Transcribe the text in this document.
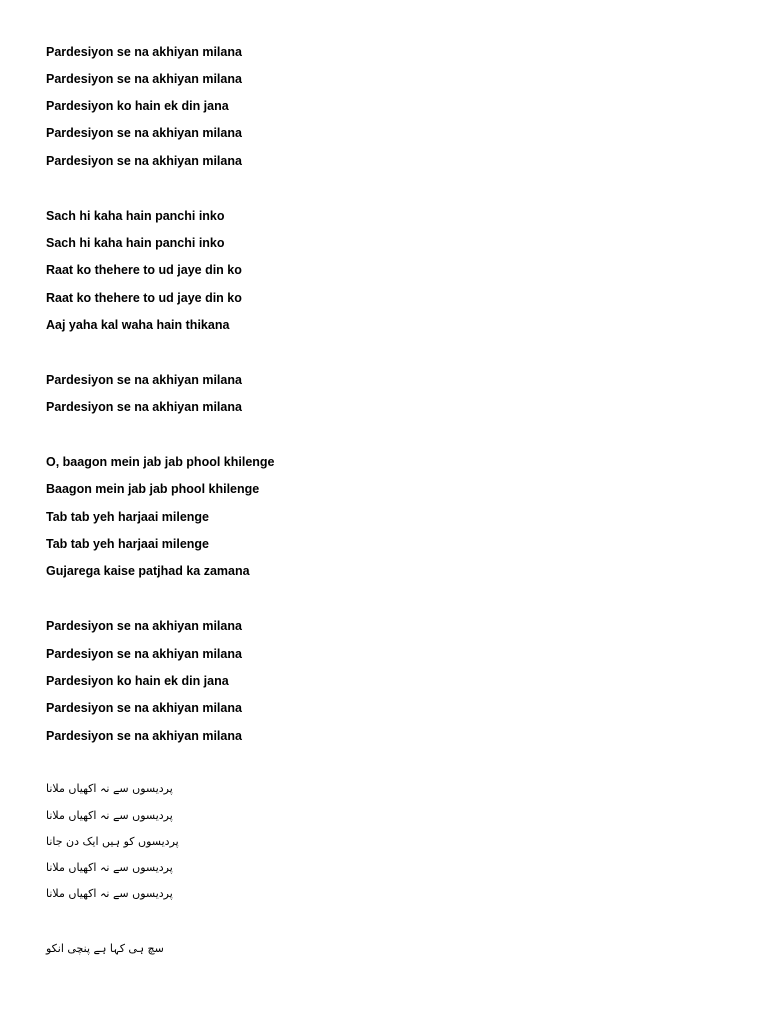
Pardesiyon se na akhiyan milana

Pardesiyon se na akhiyan milana

Pardesiyon ko hain ek din jana

Pardesiyon se na akhiyan milana

Pardesiyon se na akhiyan milana

Sach hi kaha hain panchi inko

Sach hi kaha hain panchi inko

Raat ko thehere to ud jaye din ko

Raat ko thehere to ud jaye din ko

Aaj yaha kal waha hain thikana

Pardesiyon se na akhiyan milana

Pardesiyon se na akhiyan milana

O, baagon mein jab jab phool khilenge

Baagon mein jab jab phool khilenge

Tab tab yeh harjaai milenge

Tab tab yeh harjaai milenge

Gujarega kaise patjhad ka zamana

Pardesiyon se na akhiyan milana

Pardesiyon se na akhiyan milana

Pardesiyon ko hain ek din jana

Pardesiyon se na akhiyan milana

Pardesiyon se na akhiyan milana

پردیسوں سے نہ اکھیاں ملانا

پردیسوں سے نہ اکھیاں ملانا

پردیسوں کو ہیں ایک دن جانا

پردیسوں سے نہ اکھیاں ملانا

پردیسوں سے نہ اکھیاں ملانا

سچ ہی کہا ہے پنچی انکو
